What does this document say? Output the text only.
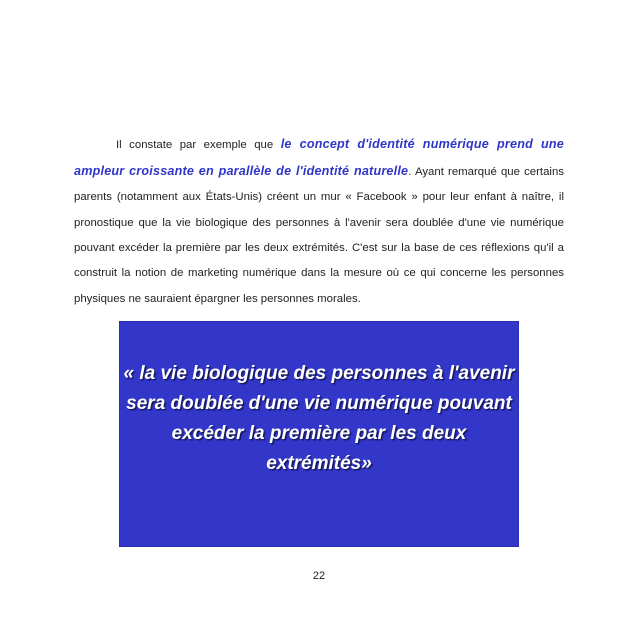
Il constate par exemple que le concept d'identité numérique prend une ampleur croissante en parallèle de l'identité naturelle. Ayant remarqué que certains parents (notamment aux États-Unis) créent un mur « Facebook » pour leur enfant à naître, il pronostique que la vie biologique des personnes à l'avenir sera doublée d'une vie numérique pouvant excéder la première par les deux extrémités. C'est sur la base de ces réflexions qu'il a construit la notion de marketing numérique dans la mesure où ce qui concerne les personnes physiques ne sauraient épargner les personnes morales.

« la vie biologique des personnes à l'avenir sera doublée d'une vie numérique pouvant excéder la première par les deux extrémités»
22
